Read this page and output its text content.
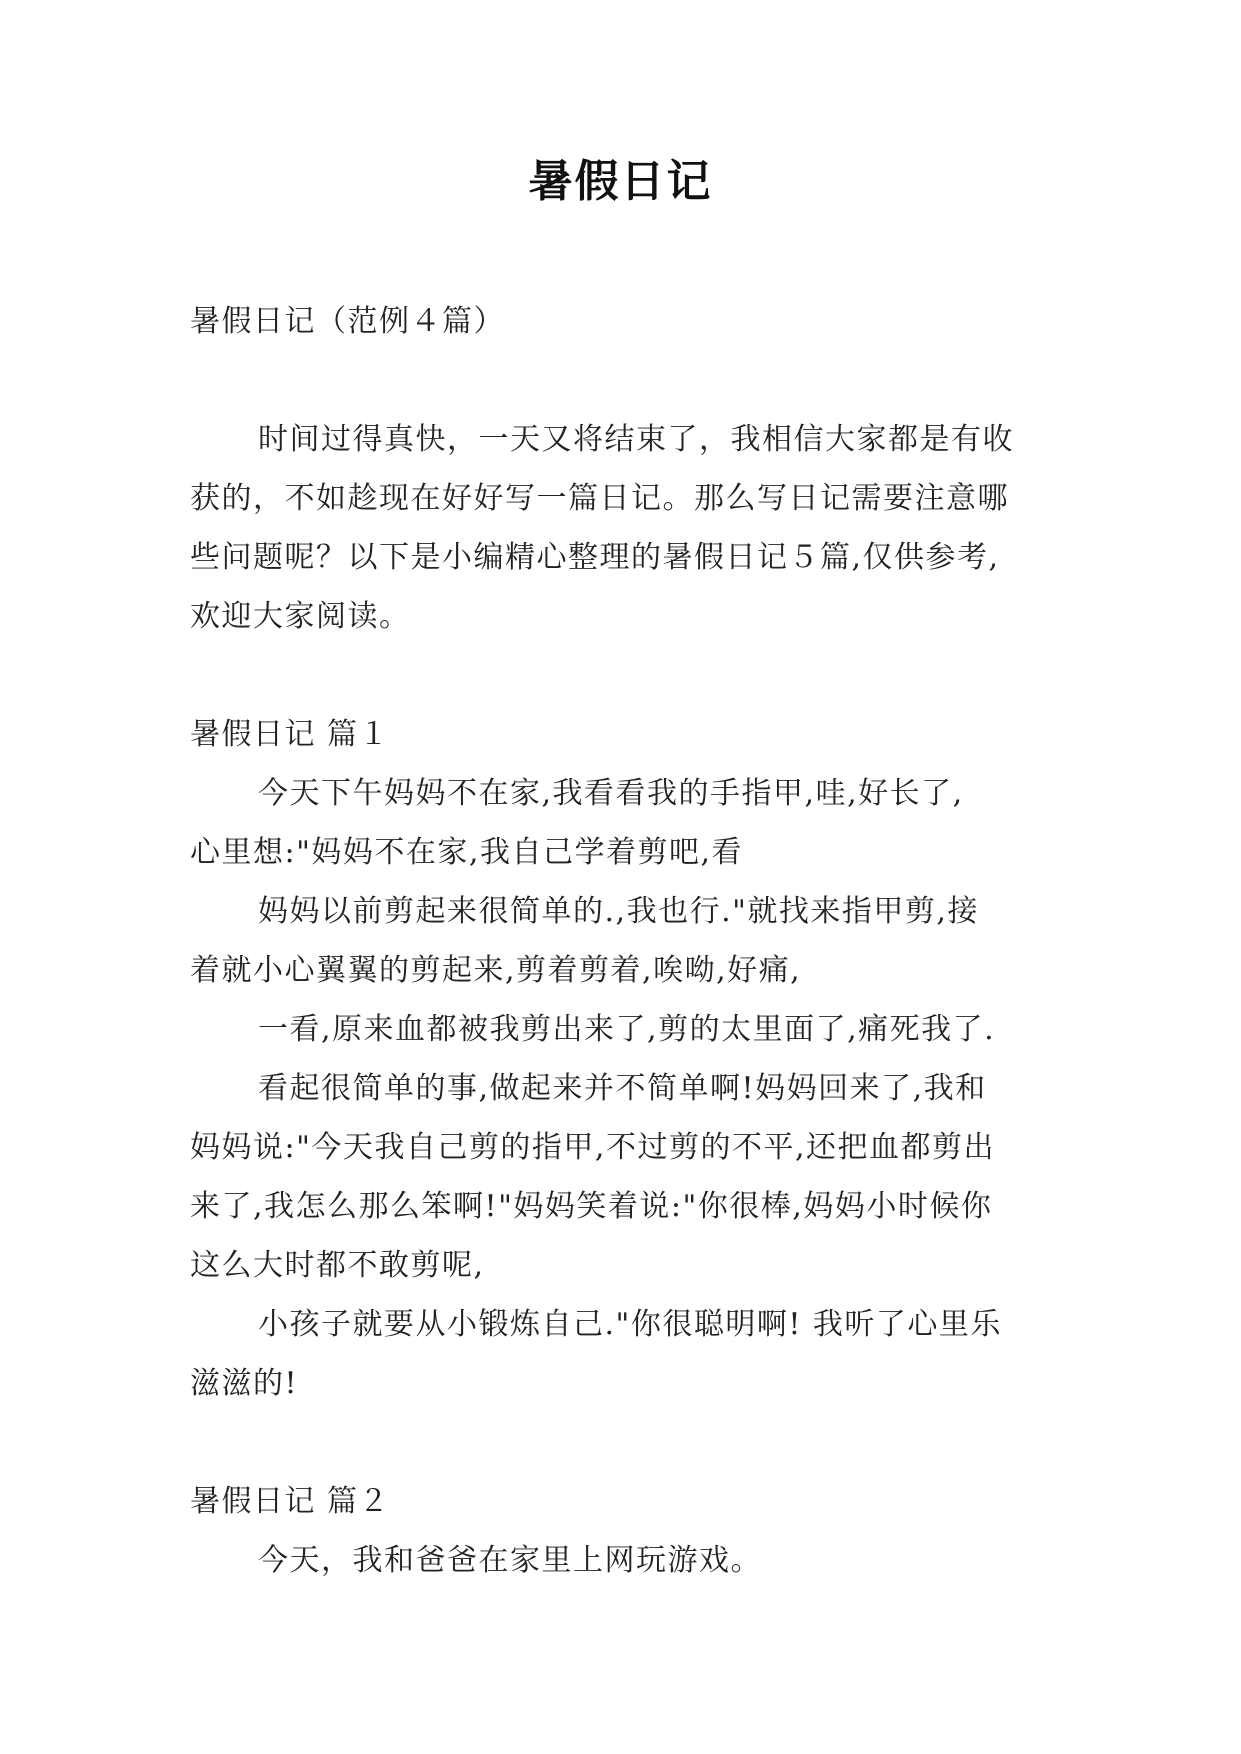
暑假日记
暑假日记（范例４篇）
时间过得真快，一天又将结束了，我相信大家都是有收
获的，不如趁现在好好写一篇日记。那么写日记需要注意哪
些问题呢？以下是小编精心整理的暑假日记５篇,仅供参考,
欢迎大家阅读。
暑假日记 篇１
今天下午妈妈不在家,我看看我的手指甲,哇,好长了,
心里想:"妈妈不在家,我自己学着剪吧,看
妈妈以前剪起来很简单的.,我也行."就找来指甲剪,接
着就小心翼翼的剪起来,剪着剪着,唉呦,好痛,
一看,原来血都被我剪出来了,剪的太里面了,痛死我了.
看起很简单的事,做起来并不简单啊!妈妈回来了,我和
妈妈说:"今天我自己剪的指甲,不过剪的不平,还把血都剪出
来了,我怎么那么笨啊!"妈妈笑着说:"你很棒,妈妈小时候你
这么大时都不敢剪呢,
小孩子就要从小锻炼自己."你很聪明啊! 我听了心里乐
滋滋的!
暑假日记 篇２
今天，我和爸爸在家里上网玩游戏。
